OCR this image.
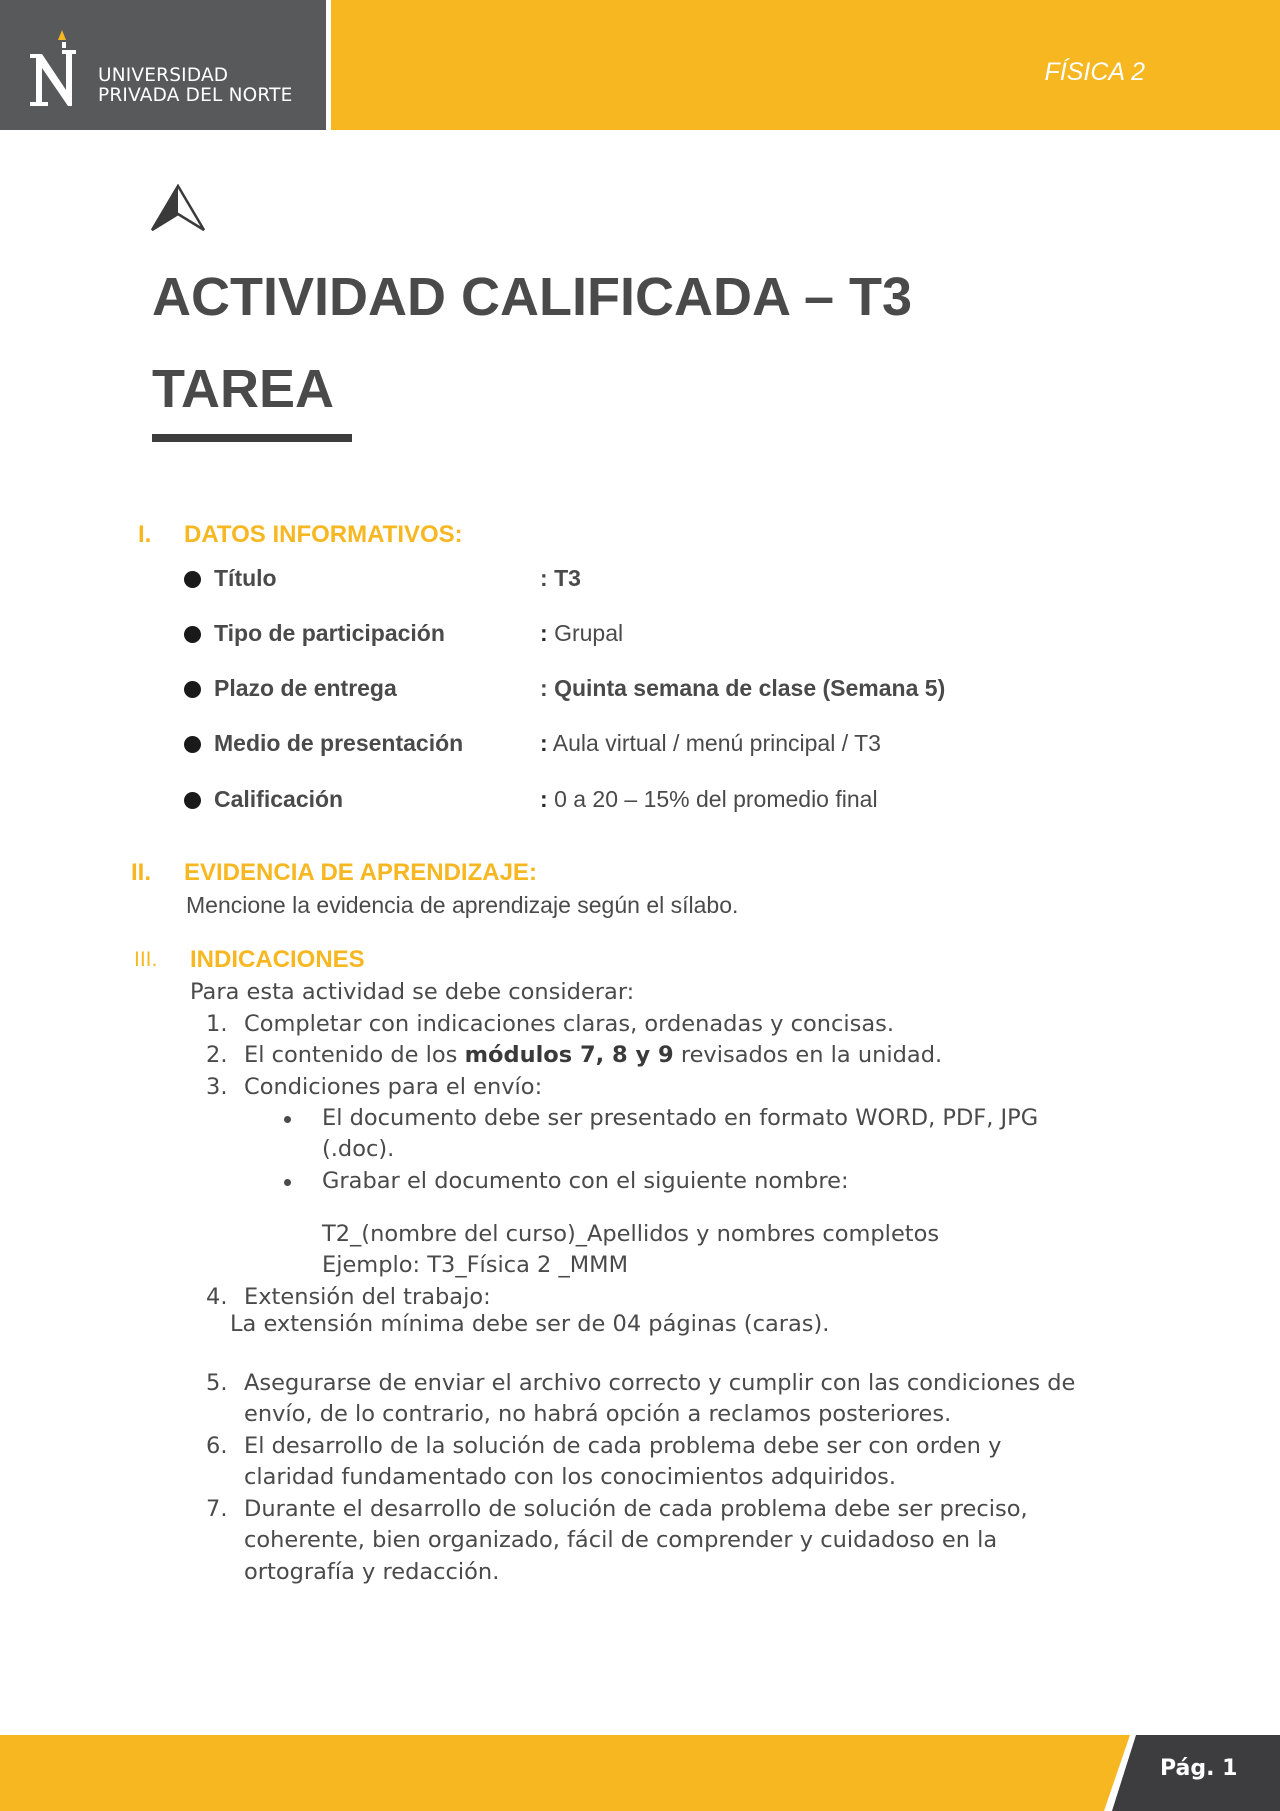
UNIVERSIDAD
PRIVADA DEL NORTE
FÍSICA 2
ACTIVIDAD CALIFICADA – T3
TAREA
I. DATOS INFORMATIVOS:
Título	: T3
Tipo de participación	: Grupal
Plazo de entrega	: Quinta semana de clase (Semana 5)
Medio de presentación	: Aula virtual / menú principal / T3
Calificación	: 0 a 20 – 15% del promedio final
II. EVIDENCIA DE APRENDIZAJE:
Mencione la evidencia de aprendizaje según el sílabo.
III. INDICACIONES
Para esta actividad se debe considerar:
1. Completar con indicaciones claras, ordenadas y concisas.
2. El contenido de los módulos 7, 8 y 9 revisados en la unidad.
3. Condiciones para el envío:
El documento debe ser presentado en formato WORD, PDF, JPG
(.doc).
Grabar el documento con el siguiente nombre:
T2_(nombre del curso)_Apellidos y nombres completos
Ejemplo: T3_Física 2 _MMM
4. Extensión del trabajo:
La extensión mínima debe ser de 04 páginas (caras).
5. Asegurarse de enviar el archivo correcto y cumplir con las condiciones de
envío, de lo contrario, no habrá opción a reclamos posteriores.
6. El desarrollo de la solución de cada problema debe ser con orden y
claridad fundamentado con los conocimientos adquiridos.
7. Durante el desarrollo de solución de cada problema debe ser preciso,
coherente, bien organizado, fácil de comprender y cuidadoso en la
ortografía y redacción.
Pág. 1
